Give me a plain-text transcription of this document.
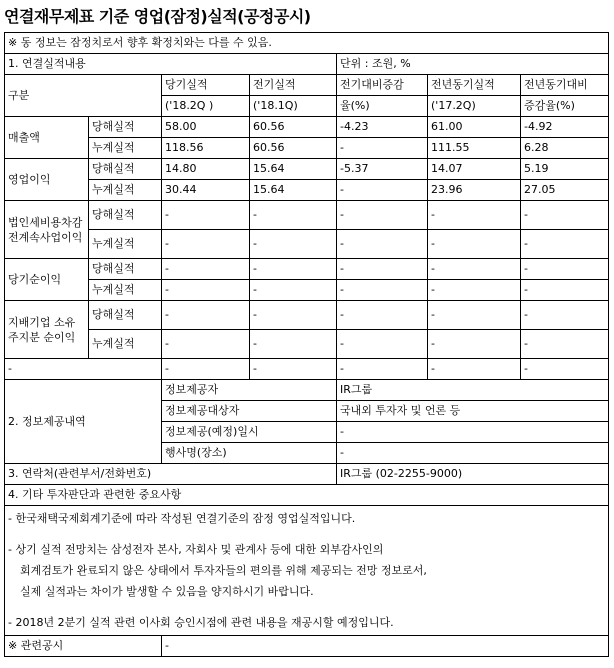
연결재무제표 기준 영업(잠정)실적(공정공시)
※ 동 정보는 잠정치로서 향후 확정치와는 다를 수 있음.						
1. 연결실적내용				단위 : 조원, %		
구분		당기실적	전기실적	전기대비증감	전년동기실적	전년동기대비
		('18.2Q )	('18.1Q)	율(%)	('17.2Q)	증감율(%)
매출액	당해실적	58.00	60.56	-4.23	61.00	-4.92
	누계실적	118.56	60.56	-	111.55	6.28
영업이익	당해실적	14.80	15.64	-5.37	14.07	5.19
	누계실적	30.44	15.64	-	23.96	27.05
법인세비용차감전계속사업이익	당해실적	-	-	-	-	-
	누계실적	-	-	-	-	-
당기순이익	당해실적	-	-	-	-	-
	누계실적	-	-	-	-	-
지배기업 소유주지분 순이익	당해실적	-	-	-	-	-
	누계실적	-	-	-	-	-
-		-	-	-	-	-
2. 정보제공내역		정보제공자		IR그룹		
		정보제공대상자		국내외 투자자 및 언론 등		
		정보제공(예정)일시		-		
		행사명(장소)		-		
3. 연락처(관련부서/전화번호)				IR그룹 (02-2255-9000)		
4. 기타 투자판단과 관련한 중요사항						

- 한국채택국제회계기준에 따라 작성된 연결기준의 잠정 영업실적입니다.

- 상기 실적 전망치는 삼성전자 본사, 자회사 및 관계사 등에 대한 외부감사인의

회계검토가 완료되지 않은 상태에서 투자자들의 편의를 위해 제공되는 전망 정보로서,

실제 실적과는 차이가 발생할 수 있음을 양지하시기 바랍니다.

- 2018년 2분기 실적 관련 이사회 승인시점에 관련 내용을 재공시할 예정입니다.						

※ 관련공시		-				
